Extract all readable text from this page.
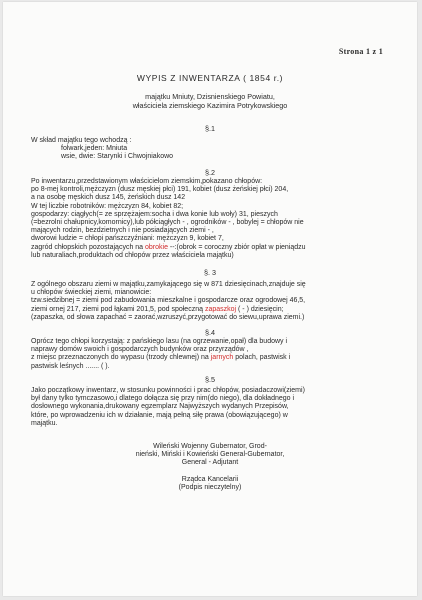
Strona 1 z 1
WYPIS Z INWENTARZA ( 1854 r.)
majątku Mniuty, Dzisnienskiego Powiatu,
właściciela ziemskiego Kazimira Potrykowskiego
§.1
W skład majątku tego wchodzą :
folwark,jeden: Mniuta
wsie, dwie: Starynki i Chwojniakowo
§.2
Po inwentarzu,przedstawionym właścicielom ziemskim,pokazano chłopów:
po 8-mej kontroli,mężczyzn (dusz męskiej płci) 191, kobiet (dusz żeńskiej płci) 204,
a na osobę męskich dusz 145, żeńskich dusz 142
W tej liczbie robotników: mężczyzn 84, kobiet 82;
gospodarzy: ciągłych(= ze sprzężajem:socha i dwa konie lub woły) 31, pieszych
(=bezrolni chałupnicy,komornicy),lub półciągłych - , ogrodników - , bobylej = chłopów nie
mających rodzin, bezdzietnych i nie posiadających ziemi - ,
dworowi ludzie = chłopi pańszczyźniani: mężczyzn 9, kobiet 7,
zagród chłopskich pozostających na obrokie --:(obrok = coroczny zbiór opłat w pieniądzu
lub naturaliach,produktach od chłopów przez właściciela majątku)
§. 3
Z ogólnego obszaru ziemi w majątku,zamykającego się w 871 dziesięcinach,znajduje się
u chłopów świeckiej ziemi, mianowicie:
tzw.siedzibnej = ziemi pod zabudowania mieszkalne i gospodarcze oraz ogrodowej 46,5,
ziemi ornej 217, ziemi pod łąkami 201,5, pod społeczną zapaszkoj ( - ) dziesięcin;
(zapaszka, od słowa zapachać = zaorać,wzruszyć,przygotować do siewu,uprawa ziemi.)
§.4
Oprócz tego chłopi korzystają: z pańskiego lasu (na ogrzewanie,opał) dla budowy i
naprawy domów swoich i gospodarczych budynków oraz przyrządów ,
z miejsc przeznaczonych do wypasu (trzody chlewnej) na jarnych polach, pastwisk i
pastwisk leśnych ....... ( ).
§.5
Jako początkowy inwentarz, w stosunku powinności i prac chłopów, posiadaczowi(ziemi)
był dany tylko tymczasowo,i dlatego dołącza się przy nim(do niego), dla dokładnego i
dosłownego wykonania,drukowany egzemplarz Najwyższych wydanych Przepisów,
które, po wprowadzeniu ich w działanie, mają pełną siłę prawa (obowiązującego) w
majątku.
Wileński Wojenny Gubernator, Grod-
nieński, Miński i Kowieński General-Gubernator,
General - Adjutant
Rządca Kancelarii
(Podpis nieczytelny)
